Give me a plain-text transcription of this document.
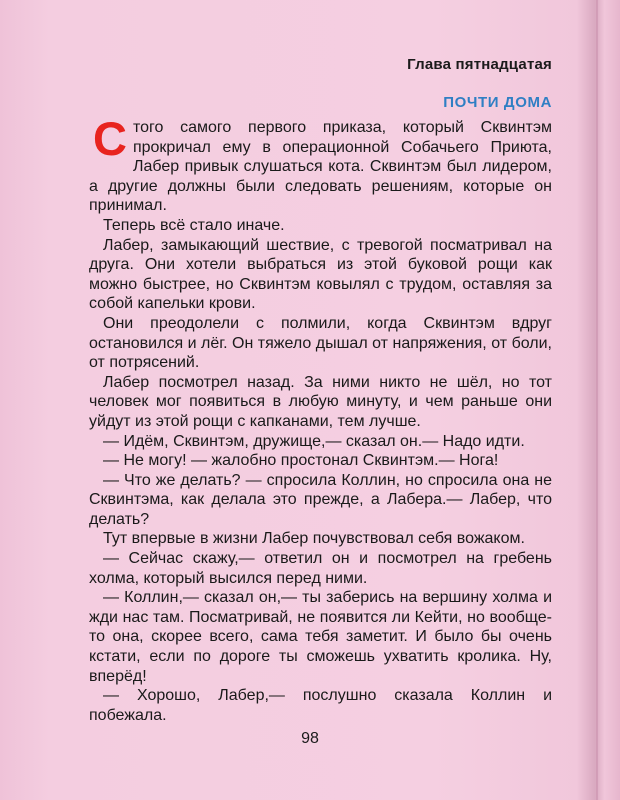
Глава пятнадцатая
ПОЧТИ ДОМА

С того самого первого приказа, который Сквинтэм прокричал ему в операционной Собачьего Приюта, Лабер привык слушаться кота. Сквинтэм был лидером, а другие должны были следовать решениям, которые он принимал.

Теперь всё стало иначе.

Лабер, замыкающий шествие, с тревогой посматривал на друга. Они хотели выбраться из этой буковой рощи как можно быстрее, но Сквинтэм ковылял с трудом, оставляя за собой капельки крови.

Они преодолели с полмили, когда Сквинтэм вдруг остановился и лёг. Он тяжело дышал от напряжения, от боли, от потрясений.

Лабер посмотрел назад. За ними никто не шёл, но тот человек мог появиться в любую минуту, и чем раньше они уйдут из этой рощи с капканами, тем лучше.

— Идём, Сквинтэм, дружище,— сказал он.— Надо идти.

— Не могу! — жалобно простонал Сквинтэм.— Нога!

— Что же делать? — спросила Коллин, но спросила она не Сквинтэма, как делала это прежде, а Лабера.— Лабер, что делать?

Тут впервые в жизни Лабер почувствовал себя вожаком.

— Сейчас скажу,— ответил он и посмотрел на гребень холма, который высился перед ними.

— Коллин,— сказал он,— ты заберись на вершину холма и жди нас там. Посматривай, не появится ли Кейти, но вообще-то она, скорее всего, сама тебя заметит. И было бы очень кстати, если по дороге ты сможешь ухватить кролика. Ну, вперёд!

— Хорошо, Лабер,— послушно сказала Коллин и побежала.

98
